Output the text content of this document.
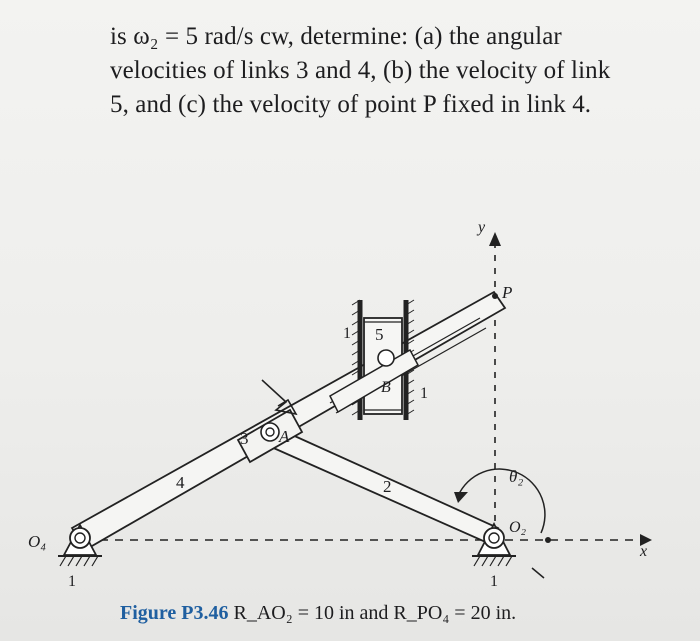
is ω₂ = 5 rad/s cw, determine: (a) the angular
velocities of links 3 and 4, (b) the velocity of link
5, and (c) the velocity of point P fixed in link 4.
O₄
1
4
3 A
1 5
B 1
2
θ₂
O₂
1
P
x
y
Figure P3.46 R_AO₂ = 10 in and R_PO₄ = 20 in.
